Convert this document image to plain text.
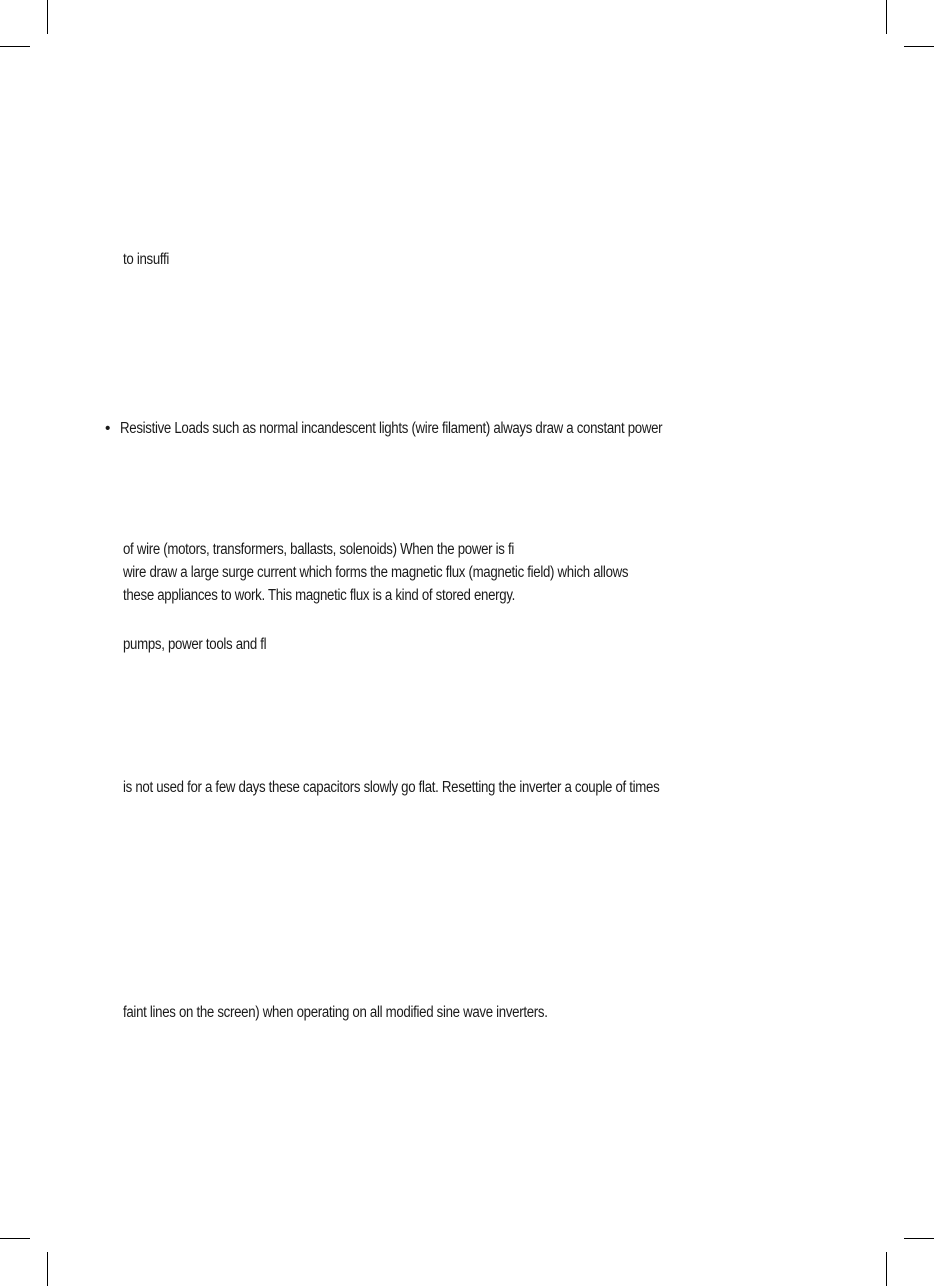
to insuffi
• Resistive Loads such as normal incandescent lights (wire filament) always draw a constant power
of wire (motors, transformers, ballasts, solenoids) When the power is fi
wire draw a large surge current which forms the magnetic flux (magnetic field) which allows
these appliances to work. This magnetic flux is a kind of stored energy.
pumps, power tools and fl
is not used for a few days these capacitors slowly go flat. Resetting the inverter a couple of times
faint lines on the screen) when operating on all modified sine wave inverters.
